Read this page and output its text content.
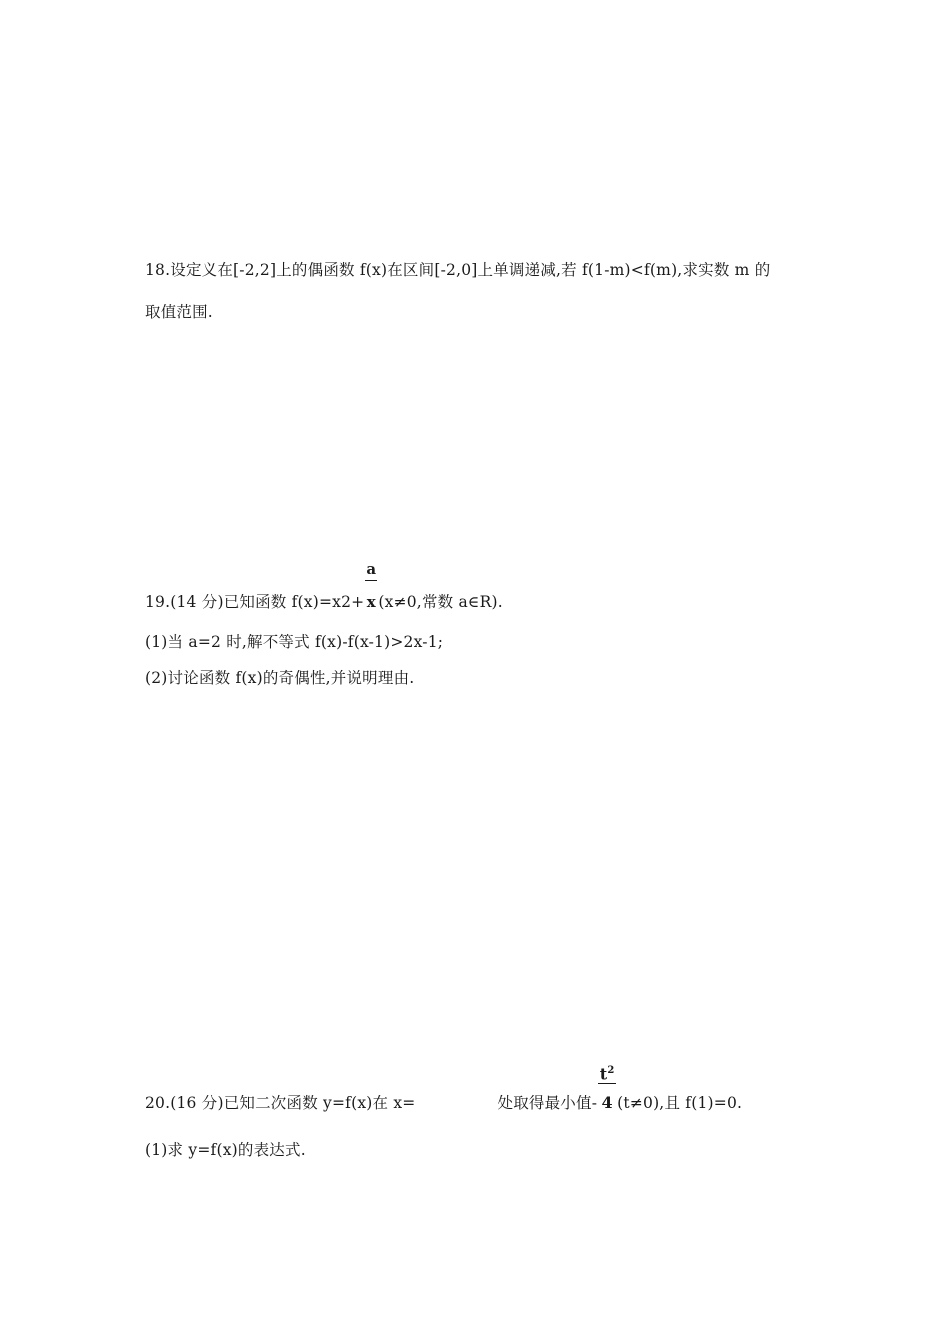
18.设定义在[-2,2]上的偶函数 f(x)在区间[-2,0]上单调递减,若 f(1-m)<f(m),求实数 m 的
取值范围.
19.(14 分)已知函数 $f(x)=x2+ \frac{a}{x}(x\ne 0$,常数 a∈R).
(1)当 a=2 时,解不等式 f(x)-f(x-1)>2x-1;
(2)讨论函数 f(x)的奇偶性,并说明理由.
20.(16 分)已知二次函数 y=f(x)在 x=	处取得最小值- $\frac{t^2}{4}(t\ne 0)$,且 f(1)=0.
(1)求 y=f(x)的表达式.
